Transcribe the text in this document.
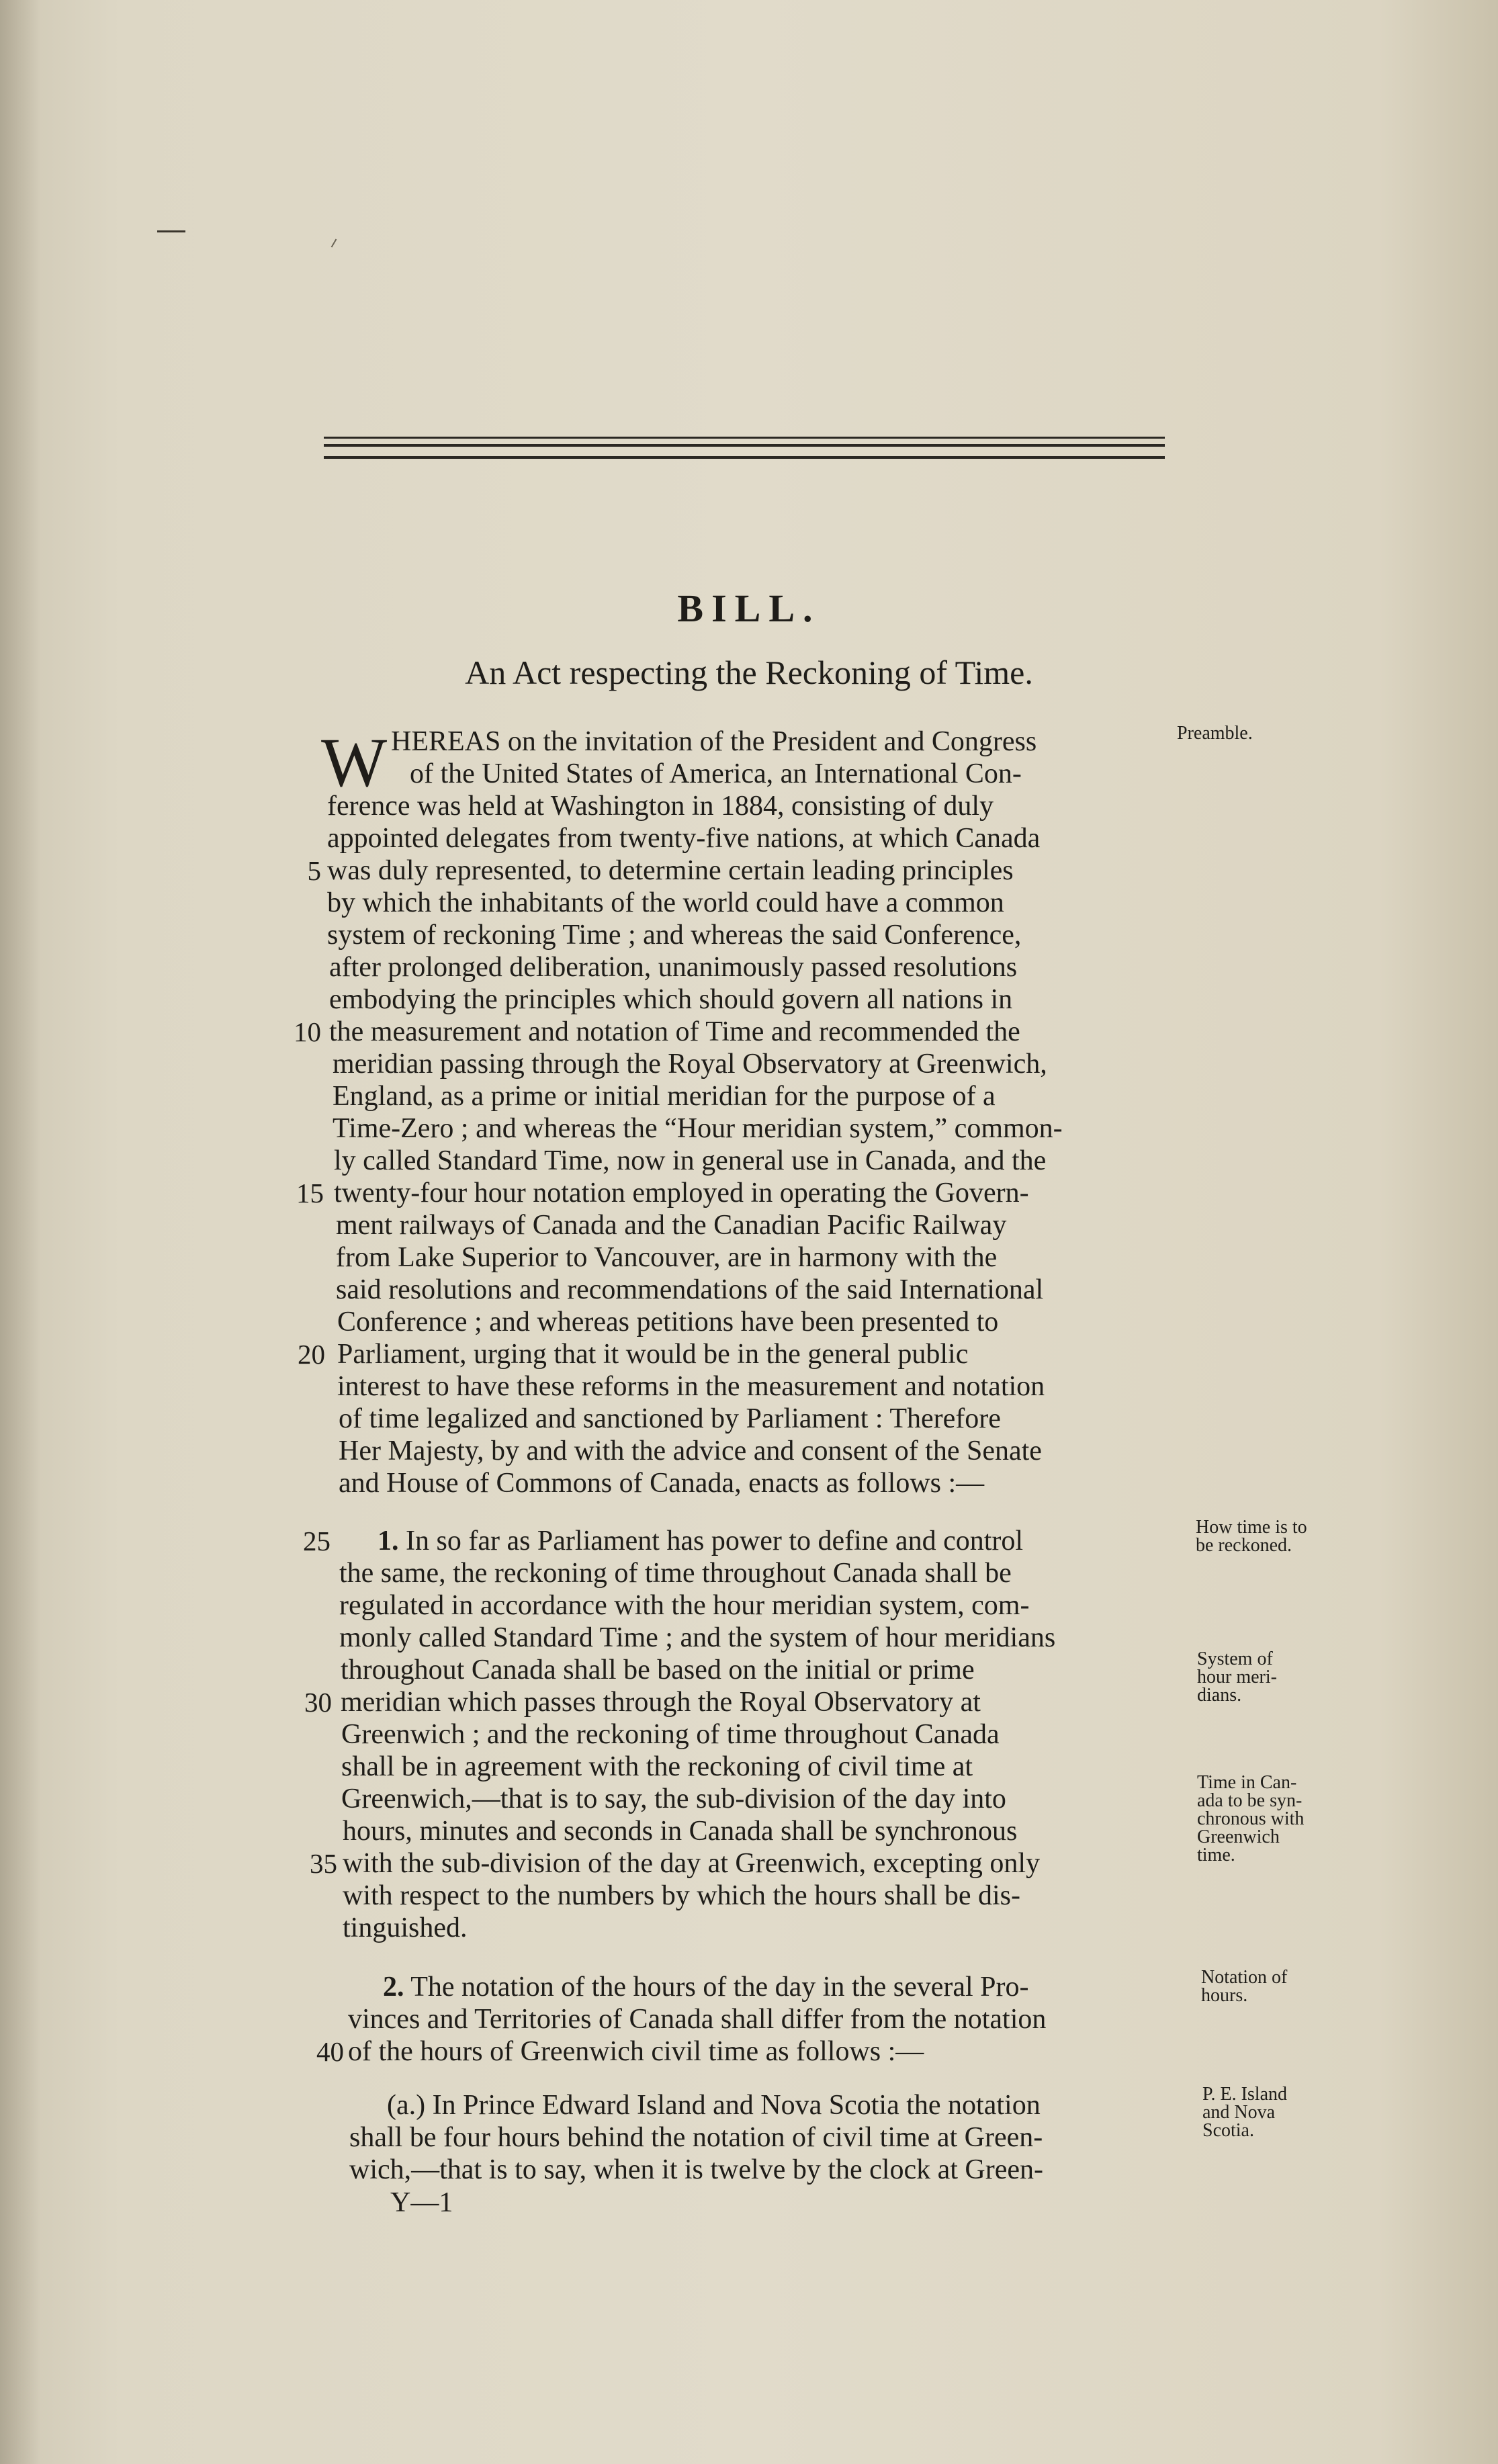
BILL.
An Act respecting the Reckoning of Time.
W HEREAS on the invitation of the President and Congress
of the United States of America, an International Con-
ference was held at Washington in 1884, consisting of duly
appointed delegates from twenty-five nations, at which Canada
was duly represented, to determine certain leading principles
by which the inhabitants of the world could have a common
system of reckoning Time ; and whereas the said Conference,
after prolonged deliberation, unanimously passed resolutions
embodying the principles which should govern all nations in
the measurement and notation of Time and recommended the
meridian passing through the Royal Observatory at Greenwich,
England, as a prime or initial meridian for the purpose of a
Time-Zero ; and whereas the “Hour meridian system,” common-
ly called Standard Time, now in general use in Canada, and the
twenty-four hour notation employed in operating the Govern-
ment railways of Canada and the Canadian Pacific Railway
from Lake Superior to Vancouver, are in harmony with the
said resolutions and recommendations of the said International
Conference ; and whereas petitions have been presented to
Parliament, urging that it would be in the general public
interest to have these reforms in the measurement and notation
of time legalized and sanctioned by Parliament : Therefore
Her Majesty, by and with the advice and consent of the Senate
and House of Commons of Canada, enacts as follows :—
1. In so far as Parliament has power to define and control
the same, the reckoning of time throughout Canada shall be
regulated in accordance with the hour meridian system, com-
monly called Standard Time ; and the system of hour meridians
throughout Canada shall be based on the initial or prime
meridian which passes through the Royal Observatory at
Greenwich ; and the reckoning of time throughout Canada
shall be in agreement with the reckoning of civil time at
Greenwich,—that is to say, the sub-division of the day into
hours, minutes and seconds in Canada shall be synchronous
with the sub-division of the day at Greenwich, excepting only
with respect to the numbers by which the hours shall be dis-
tinguished.
2. The notation of the hours of the day in the several Pro-
vinces and Territories of Canada shall differ from the notation
of the hours of Greenwich civil time as follows :—
(a.) In Prince Edward Island and Nova Scotia the notation
shall be four hours behind the notation of civil time at Green-
wich,—that is to say, when it is twelve by the clock at Green-
Y—1
5
10
15
20
25
30
35
40
Preamble.
How time is to
be reckoned.
System of
hour meri-
dians.
Time in Can-
ada to be syn-
chronous with
Greenwich
time.
Notation of
hours.
P. E. Island
and Nova
Scotia.
